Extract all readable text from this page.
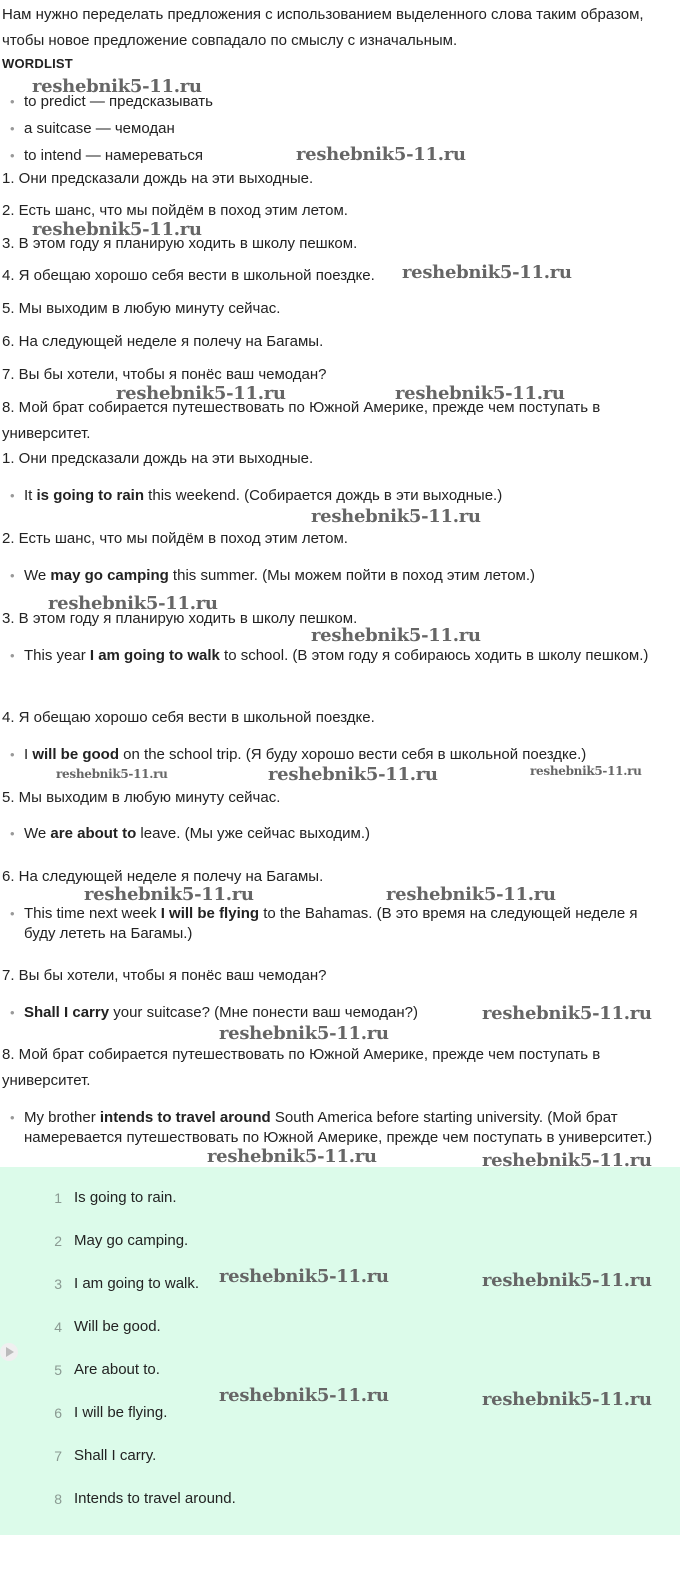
Нам нужно переделать предложения с использованием выделенного слова таким образом, чтобы новое предложение совпадало по смыслу с изначальным.
WORDLIST
• to predict — предсказывать
• a suitcase — чемодан
• to intend — намереваться
1. Они предсказали дождь на эти выходные.
2. Есть шанс, что мы пойдём в поход этим летом.
3. В этом году я планирую ходить в школу пешком.
4. Я обещаю хорошо себя вести в школьной поездке.
5. Мы выходим в любую минуту сейчас.
6. На следующей неделе я полечу на Багамы.
7. Вы бы хотели, чтобы я понёс ваш чемодан?
8. Мой брат собирается путешествовать по Южной Америке, прежде чем поступать в университет.
1. Они предсказали дождь на эти выходные.
• It is going to rain this weekend. (Собирается дождь в эти выходные.)
2. Есть шанс, что мы пойдём в поход этим летом.
• We may go camping this summer. (Мы можем пойти в поход этим летом.)
3. В этом году я планирую ходить в школу пешком.
• This year I am going to walk to school. (В этом году я собираюсь ходить в школу пешком.)
4. Я обещаю хорошо себя вести в школьной поездке.
• I will be good on the school trip. (Я буду хорошо вести себя в школьной поездке.)
5. Мы выходим в любую минуту сейчас.
• We are about to leave. (Мы уже сейчас выходим.)
6. На следующей неделе я полечу на Багамы.
• This time next week I will be flying to the Bahamas. (В это время на следующей неделе я буду лететь на Багамы.)
7. Вы бы хотели, чтобы я понёс ваш чемодан?
• Shall I carry your suitcase? (Мне понести ваш чемодан?)
8. Мой брат собирается путешествовать по Южной Америке, прежде чем поступать в университет.
• My brother intends to travel around South America before starting university. (Мой брат намеревается путешествовать по Южной Америке, прежде чем поступать в университет.)
1 Is going to rain.
2 May go camping.
3 I am going to walk.
4 Will be good.
5 Are about to.
6 I will be flying.
7 Shall I carry.
8 Intends to travel around.
reshebnik5-11.ru
reshebnik5-11.ru
reshebnik5-11.ru
reshebnik5-11.ru
reshebnik5-11.ru	reshebnik5-11.ru
reshebnik5-11.ru
reshebnik5-11.ru
reshebnik5-11.ru
reshebnik5-11.ru	reshebnik5-11.ru	reshebnik5-11.ru
reshebnik5-11.ru	reshebnik5-11.ru
reshebnik5-11.ru
reshebnik5-11.ru
reshebnik5-11.ru	reshebnik5-11.ru
reshebnik5-11.ru	reshebnik5-11.ru
reshebnik5-11.ru	reshebnik5-11.ru
